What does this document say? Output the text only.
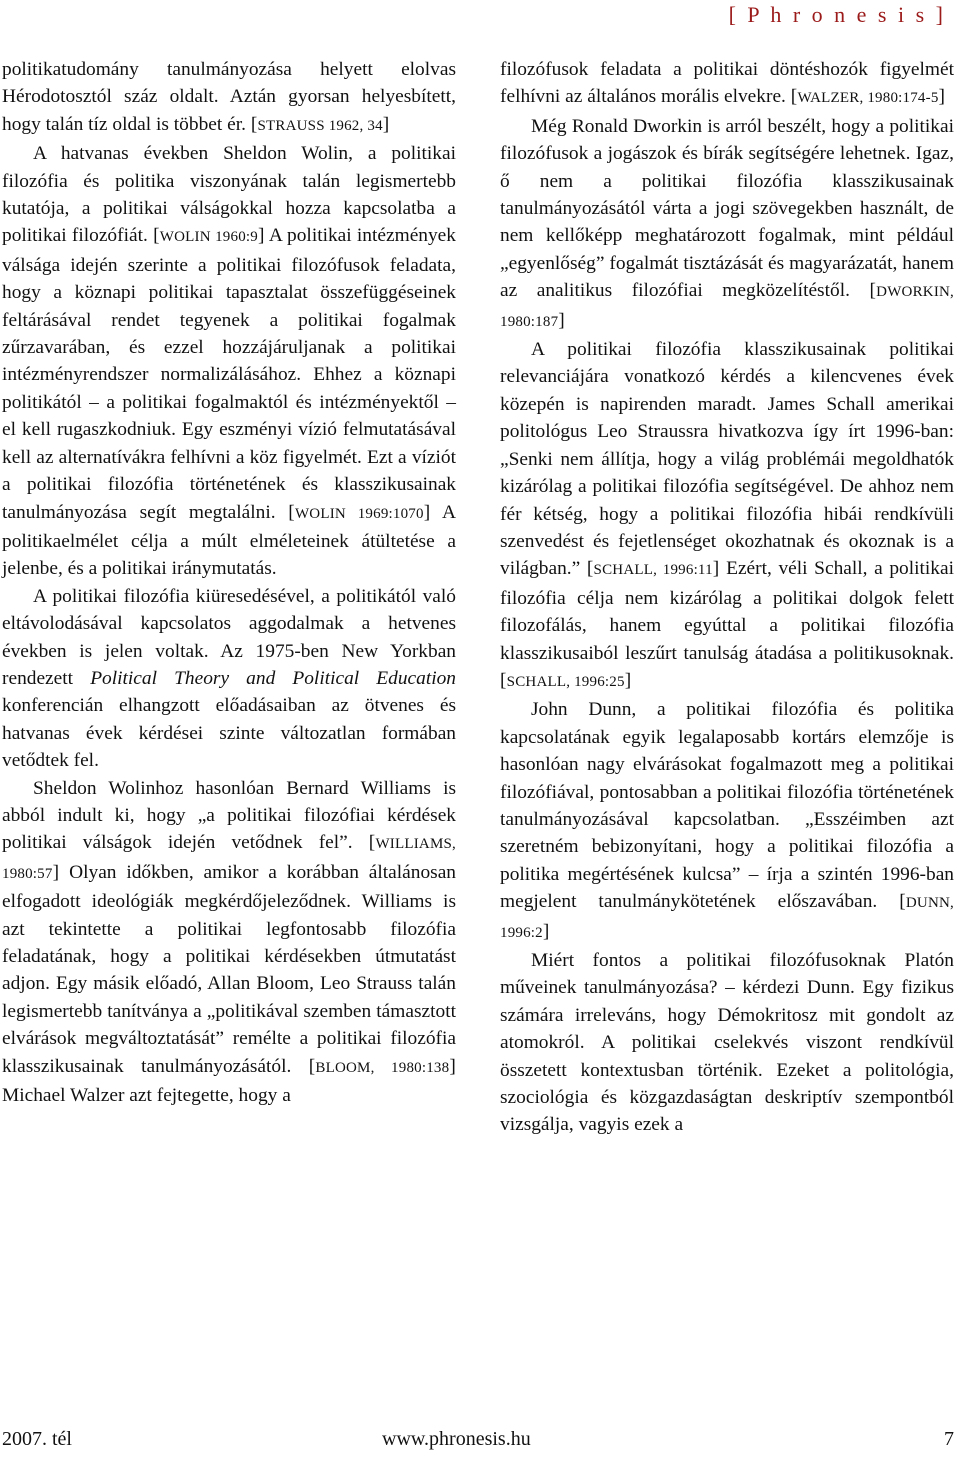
[ P h r o n e s i s ]

politikatudomány tanulmányozása helyett elolvas Hérodotosztól száz oldalt. Aztán gyorsan helyesbített, hogy talán tíz oldal is többet ér. [STRAUSS 1962, 34]

A hatvanas években Sheldon Wolin, a politikai filozófia és politika viszonyának talán legismertebb kutatója, a politikai válságokkal hozza kapcsolatba a politikai filozófiát. [WOLIN 1960:9] A politikai intézmények válsága idején szerinte a politikai filozófusok feladata, hogy a köznapi politikai tapasztalat összefüggéseinek feltárásával rendet tegyenek a politikai fogalmak zűrzavarában, és ezzel hozzájáruljanak a politikai intézményrendszer normalizálásához. Ehhez a köznapi politikától – a politikai fogalmaktól és intézményektől – el kell rugaszkodniuk. Egy eszményi vízió felmutatásával kell az alternatívákra felhívni a köz figyelmét. Ezt a víziót a politikai filozófia történetének és klasszikusainak tanulmányozása segít megtalálni. [WOLIN 1969:1070] A politikaelmélet célja a múlt elméleteinek átültetése a jelenbe, és a politikai iránymutatás.

A politikai filozófia kiüresedésével, a politikától való eltávolodásával kapcsolatos aggodalmak a hetvenes években is jelen voltak. Az 1975-ben New Yorkban rendezett Political Theory and Political Education konferencián elhangzott előadásaiban az ötvenes és hatvanas évek kérdései szinte változatlan formában vetődtek fel.

Sheldon Wolinhoz hasonlóan Bernard Williams is abból indult ki, hogy „a politikai filozófiai kérdések politikai válságok idején vetődnek fel”. [WILLIAMS, 1980:57] Olyan időkben, amikor a korábban általánosan elfogadott ideológiák megkérdőjeleződnek. Williams is azt tekintette a politikai legfontosabb filozófia feladatának, hogy a politikai kérdésekben útmutatást adjon. Egy másik előadó, Allan Bloom, Leo Strauss talán legismertebb tanítványa a „politikával szemben támasztott elvárások megváltoztatását” remélte a politikai filozófia klasszikusainak tanulmányozásától. [BLOOM, 1980:138] Michael Walzer azt fejtegette, hogy a

filozófusok feladata a politikai döntéshozók figyelmét felhívni az általános morális elvekre. [WALZER, 1980:174-5]

Még Ronald Dworkin is arról beszélt, hogy a politikai filozófusok a jogászok és bírák segítségére lehetnek. Igaz, ő nem a politikai filozófia klasszikusainak tanulmányozásától várta a jogi szövegekben használt, de nem kellőképp meghatározott fogalmak, mint például „egyenlőség” fogalmát tisztázását és magyarázatát, hanem az analitikus filozófiai megközelítéstől. [DWORKIN, 1980:187]

A politikai filozófia klasszikusainak politikai relevanciájára vonatkozó kérdés a kilencvenes évek közepén is napirenden maradt. James Schall amerikai politológus Leo Straussra hivatkozva így írt 1996-ban: „Senki nem állítja, hogy a világ problémái megoldhatók kizárólag a politikai filozófia segítségével. De ahhoz nem fér kétség, hogy a politikai filozófia hibái rendkívüli szenvedést és fejetlenséget okozhatnak és okoznak is a világban.” [SCHALL, 1996:11] Ezért, véli Schall, a politikai filozófia célja nem kizárólag a politikai dolgok felett filozofálás, hanem egyúttal a politikai filozófia klasszikusaiból leszűrt tanulság átadása a politikusoknak. [SCHALL, 1996:25]

John Dunn, a politikai filozófia és politika kapcsolatának egyik legalaposabb kortárs elemzője is hasonlóan nagy elvárásokat fogalmazott meg a politikai filozófiával, pontosabban a politikai filozófia történetének tanulmányozásával kapcsolatban. „Esszéimben azt szeretném bebizonyítani, hogy a politikai filozófia a politika megértésének kulcsa” – írja a szintén 1996-ban megjelent tanulmánykötetének előszavában. [DUNN, 1996:2]

Miért fontos a politikai filozófusoknak Platón műveinek tanulmányozása? – kérdezi Dunn. Egy fizikus számára irreleváns, hogy Démokritosz mit gondolt az atomokról. A politikai cselekvés viszont rendkívül összetett kontextusban történik. Ezeket a politológia, szociológia és közgazdaságtan deskriptív szempontból vizsgálja, vagyis ezek a

2007. tél	www.phronesis.hu	7
